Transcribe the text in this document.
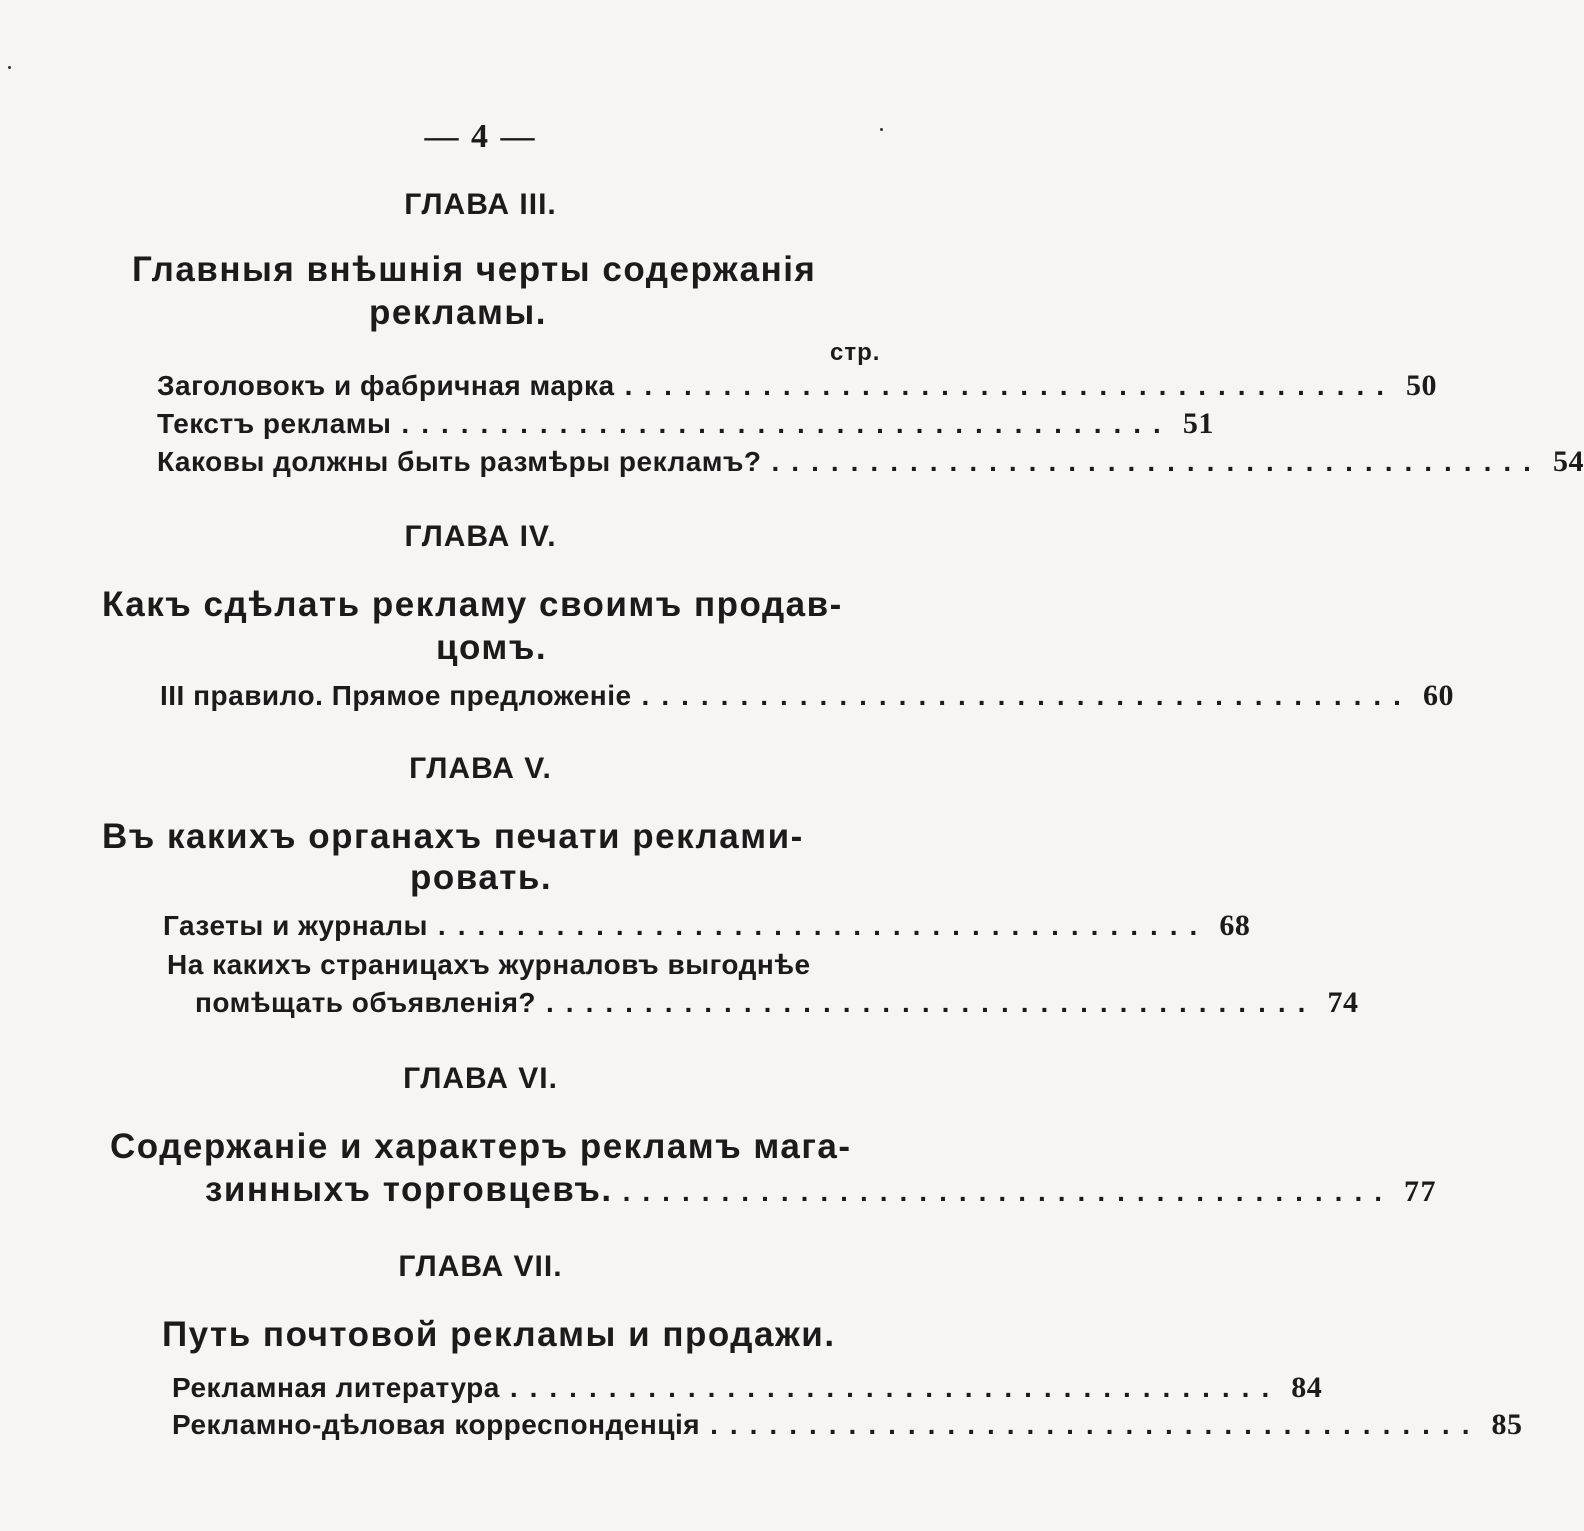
— 4 —
ГЛАВА III.
Главныя внѣшнія черты содержанія
рекламы.
стр.
Заголовокъ и фабричная марка ....................................... 50
Текстъ рекламы ....................................... 51
Каковы должны быть размѣры рекламъ? ....................................... 54
ГЛАВА IV.
Какъ сдѣлать рекламу своимъ продав-
цомъ.
III правило. Прямое предложеніе ....................................... 60
ГЛАВА V.
Въ какихъ органахъ печати реклами-
ровать.
Газеты и журналы ....................................... 68
На какихъ страницахъ журналовъ выгоднѣе
помѣщать объявленія? ....................................... 74
ГЛАВА VI.
Содержаніе и характеръ рекламъ мага-
зинныхъ торговцевъ. ....................................... 77
ГЛАВА VII.
Путь почтовой рекламы и продажи.
Рекламная литература ....................................... 84
Рекламно-дѣловая корреспонденція ....................................... 85
